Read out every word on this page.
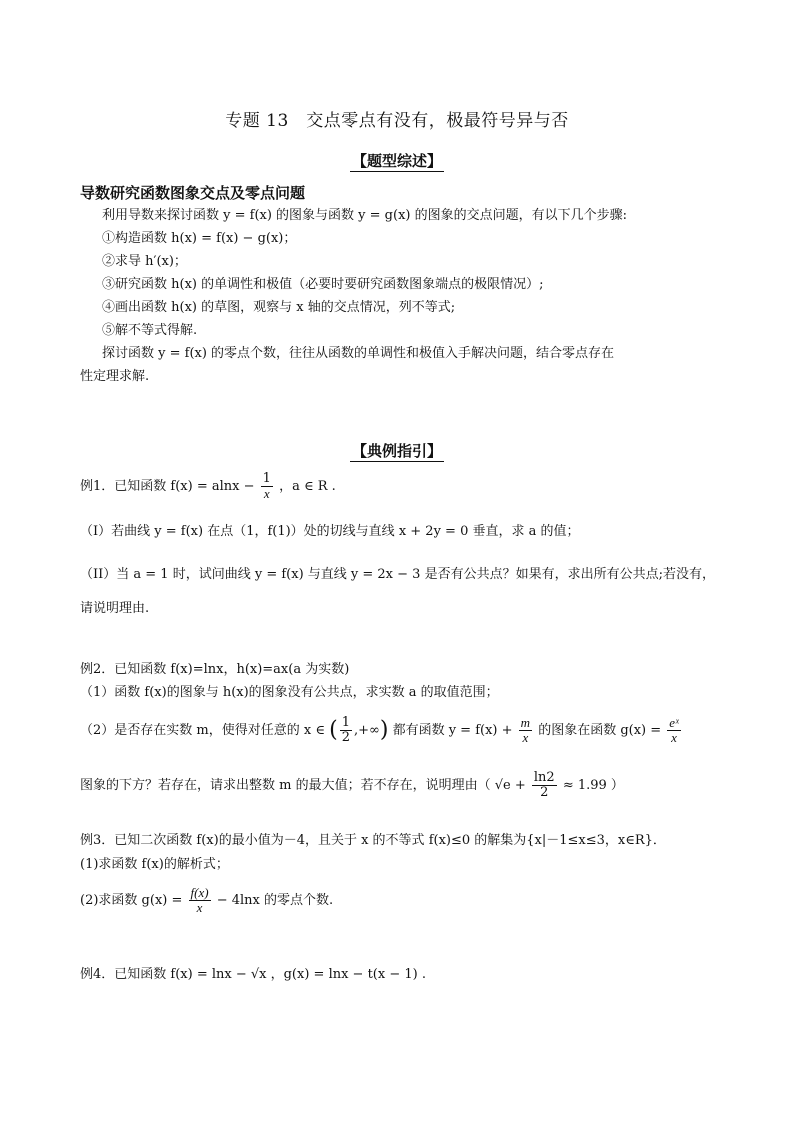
专题 13　交点零点有没有，极最符号异与否
【题型综述】
导数研究函数图象交点及零点问题
利用导数来探讨函数 y = f(x) 的图象与函数 y = g(x) 的图象的交点问题，有以下几个步骤:
①构造函数 h(x) = f(x) − g(x)；
②求导 h′(x)；
③研究函数 h(x) 的单调性和极值（必要时要研究函数图象端点的极限情况）;
④画出函数 h(x) 的草图，观察与 x 轴的交点情况，列不等式;
⑤解不等式得解.
探讨函数 y = f(x) 的零点个数，往往从函数的单调性和极值入手解决问题，结合零点存在
性定理求解.
【典例指引】
例1．已知函数 $f(x) = alnx - \frac{1}{x}$ ，a ∈ R .
（I）若曲线 y = f(x) 在点（1，f(1)）处的切线与直线 x + 2y = 0 垂直，求 a 的值；
（II）当 a = 1 时，试问曲线 y = f(x) 与直线 y = 2x − 3 是否有公共点？如果有，求出所有公共点;若没有，
请说明理由.
例2．已知函数 f(x)=lnx，h(x)=ax(a 为实数)
（1）函数 f(x)的图象与 h(x)的图象没有公共点，求实数 a 的取值范围；
（2）是否存在实数 m，使得对任意的 x ∈ ( $\frac{1}{2}$ ,+∞) 都有函数 $y = f(x) + \frac{m}{x}$ 的图象在函数 $g(x) = \frac{\text{eˣ}}{x}$
图象的下方？若存在，请求出整数 m 的最大值；若不存在，说明理由（ $√e + \frac{\ln 2}{2} \approx 1.99$ ）
例3．已知二次函数 f(x)的最小值为－4，且关于 x 的不等式 f(x)≤0 的解集为{x|－1≤x≤3，x∈R}．
(1)求函数 f(x)的解析式；
(2)求函数 $g(x) = \frac{f(x)}{x} - 4\ln x$ 的零点个数.
例4．已知函数 f(x) = lnx − √x ，g(x) = lnx − t(x − 1) .
